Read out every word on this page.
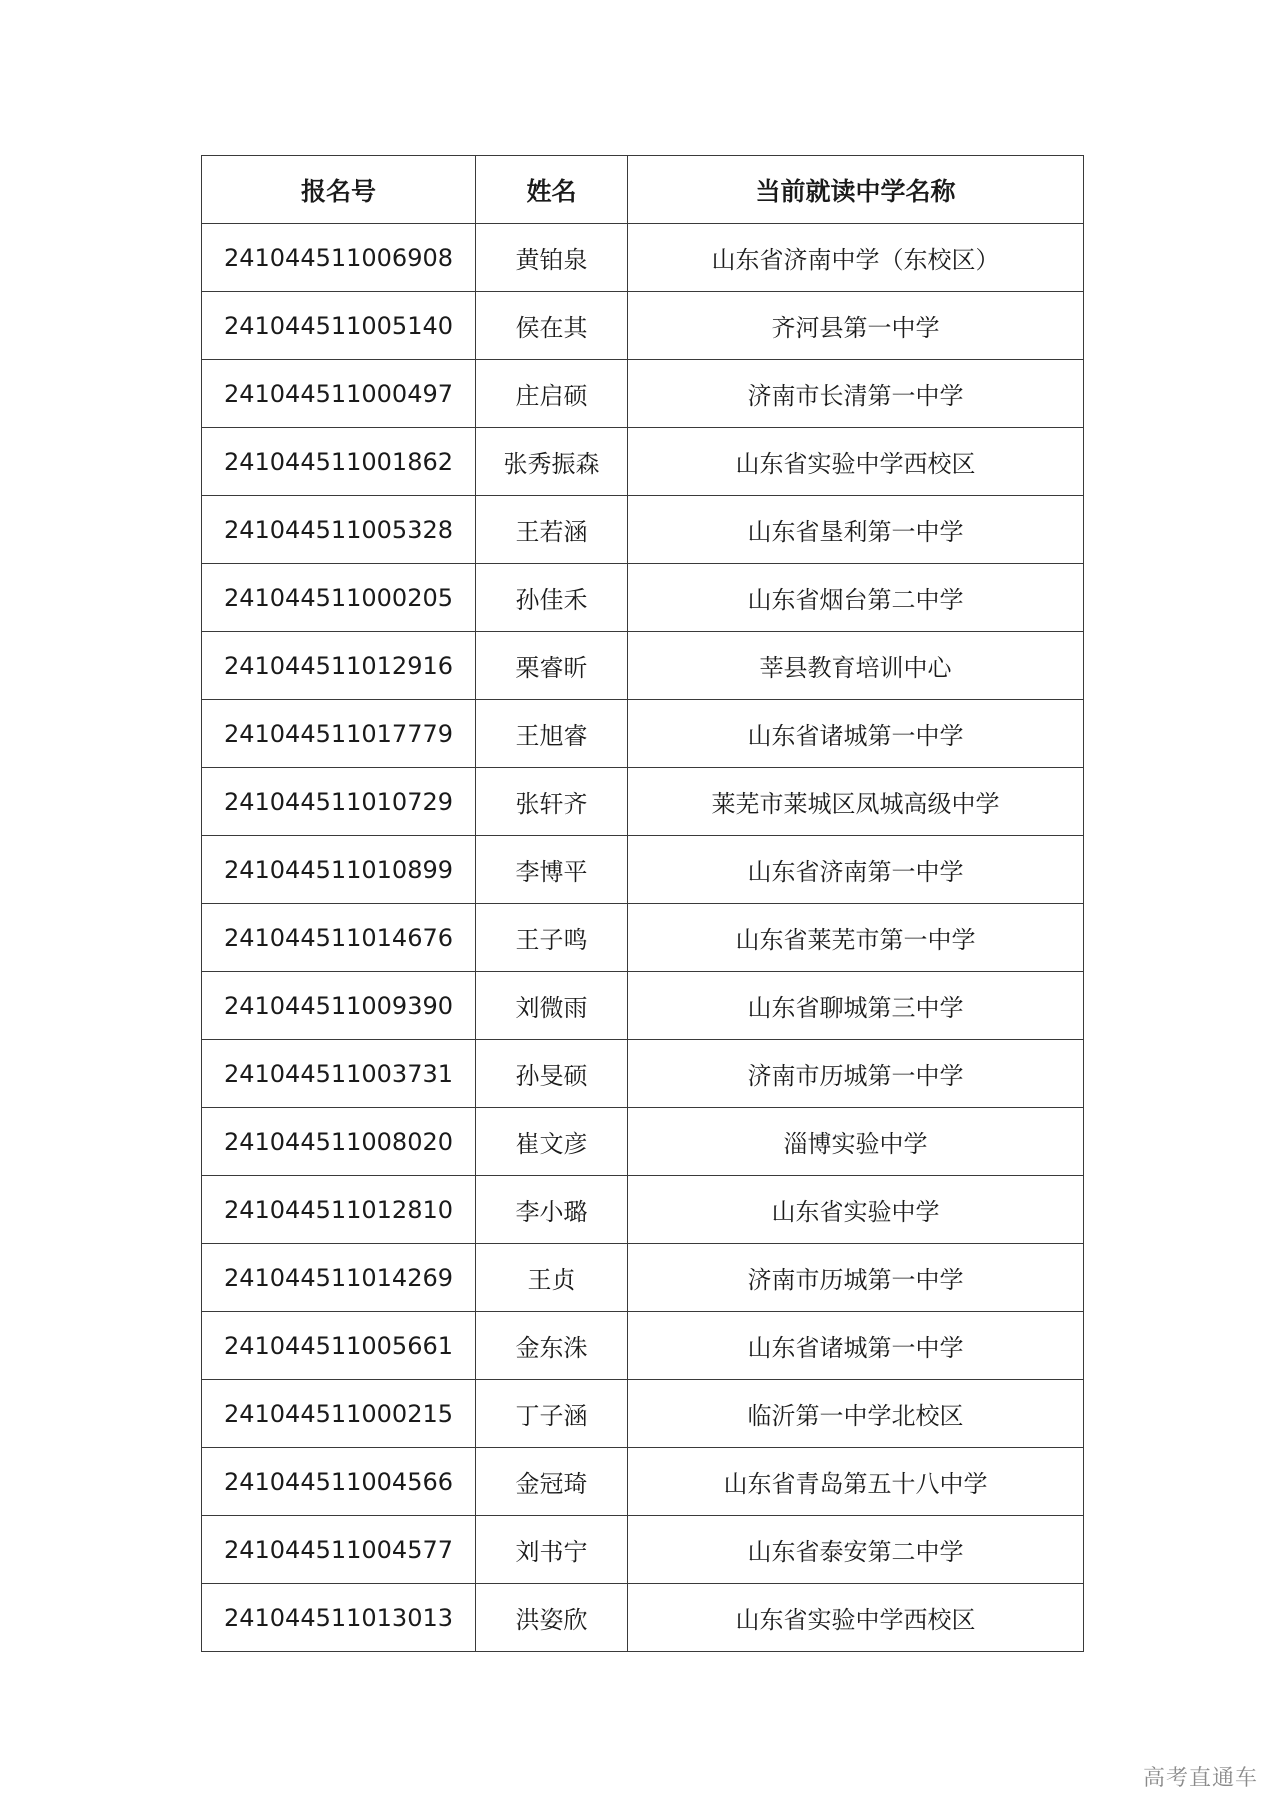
报名号	姓名	当前就读中学名称
241044511006908	黄铂泉	山东省济南中学（东校区）
241044511005140	侯在其	齐河县第一中学
241044511000497	庄启硕	济南市长清第一中学
241044511001862	张秀振森	山东省实验中学西校区
241044511005328	王若涵	山东省垦利第一中学
241044511000205	孙佳禾	山东省烟台第二中学
241044511012916	栗睿昕	莘县教育培训中心
241044511017779	王旭睿	山东省诸城第一中学
241044511010729	张轩齐	莱芜市莱城区凤城高级中学
241044511010899	李博平	山东省济南第一中学
241044511014676	王子鸣	山东省莱芜市第一中学
241044511009390	刘微雨	山东省聊城第三中学
241044511003731	孙旻硕	济南市历城第一中学
241044511008020	崔文彦	淄博实验中学
241044511012810	李小璐	山东省实验中学
241044511014269	王贞	济南市历城第一中学
241044511005661	金东洙	山东省诸城第一中学
241044511000215	丁子涵	临沂第一中学北校区
241044511004566	金冠琦	山东省青岛第五十八中学
241044511004577	刘书宁	山东省泰安第二中学
241044511013013	洪姿欣	山东省实验中学西校区
高考直通车
